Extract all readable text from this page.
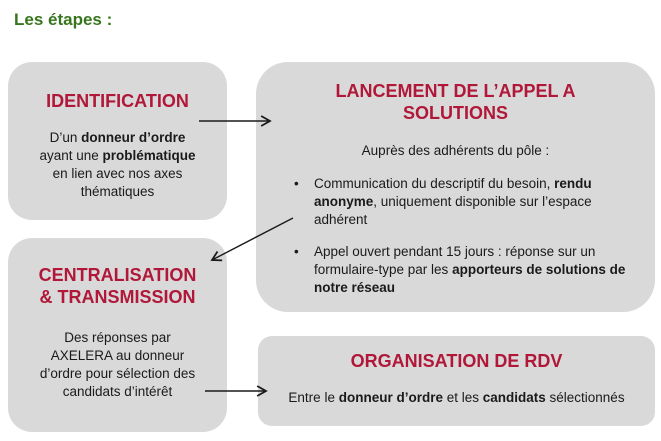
Les étapes :
IDENTIFICATION
D’un donneur d’ordre
ayant une problématique
en lien avec nos axes
thématiques
LANCEMENT DE L’APPEL A
SOLUTIONS
Auprès des adhérents du pôle :
•	Communication du descriptif du besoin, rendu anonyme, uniquement disponible sur l’espace adhérent
•	Appel ouvert pendant 15 jours : réponse sur un formulaire-type par les apporteurs de solutions de notre réseau
CENTRALISATION
& TRANSMISSION
Des réponses par
AXELERA au donneur
d’ordre pour sélection des
candidats d’intérêt
ORGANISATION DE RDV
Entre le donneur d’ordre et les candidats sélectionnés
